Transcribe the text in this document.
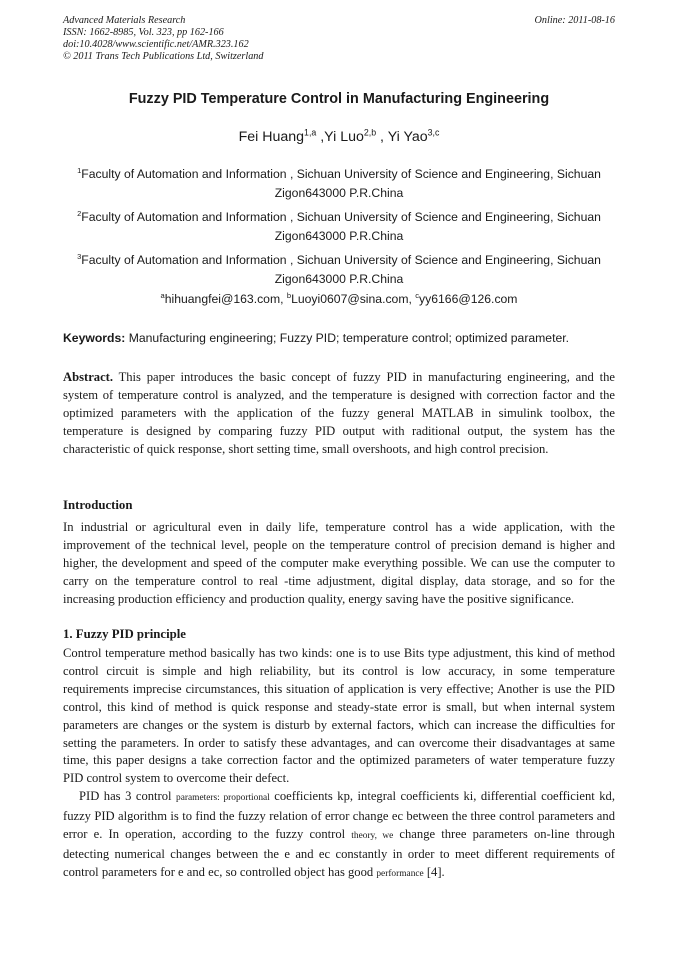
Advanced Materials Research
ISSN: 1662-8985, Vol. 323, pp 162-166
doi:10.4028/www.scientific.net/AMR.323.162
© 2011 Trans Tech Publications Ltd, Switzerland
Online: 2011-08-16
Fuzzy PID Temperature Control in Manufacturing Engineering
Fei Huang$^{1,a}$ ,Yi Luo$^{2,b}$ , Yi Yao$^{3,c}$
$^1$Faculty of Automation and Information , Sichuan University of Science and Engineering, Sichuan Zigon643000 P.R.China
$^2$Faculty of Automation and Information , Sichuan University of Science and Engineering, Sichuan Zigon643000 P.R.China
$^3$Faculty of Automation and Information , Sichuan University of Science and Engineering, Sichuan Zigon643000 P.R.China
$^a$hihuangfei@163.com, $^b$Luoyi0607@sina.com, $^c$yy6166@126.com
Keywords: Manufacturing engineering; Fuzzy PID; temperature control; optimized parameter.
Abstract. This paper introduces the basic concept of fuzzy PID in manufacturing engineering, and the system of temperature control is analyzed, and the temperature is designed with correction factor and the optimized parameters with the application of the fuzzy general MATLAB in simulink toolbox, the temperature is designed by comparing fuzzy PID output with raditional output, the system has the characteristic of quick response, short setting time, small overshoots, and high control precision.
Introduction
In industrial or agricultural even in daily life, temperature control has a wide application, with the improvement of the technical level, people on the temperature control of precision demand is higher and higher, the development and speed of the computer make everything possible. We can use the computer to carry on the temperature control to real -time adjustment, digital display, data storage, and so for the increasing production efficiency and production quality, energy saving have the positive significance.
1. Fuzzy PID principle
Control temperature method basically has two kinds: one is to use Bits type adjustment, this kind of method control circuit is simple and high reliability, but its control is low accuracy, in some temperature requirements imprecise circumstances, this situation of application is very effective; Another is use the PID control, this kind of method is quick response and steady-state error is small, but when internal system parameters are changes or the system is disturb by external factors, which can increase the difficulties for setting the parameters. In order to satisfy these advantages, and can overcome their disadvantages at same time, this paper designs a take correction factor and the optimized parameters of water temperature fuzzy PID control system to overcome their defect.
PID has 3 control parameters: proportional coefficients kp, integral coefficients ki, differential coefficient kd, fuzzy PID algorithm is to find the fuzzy relation of error change ec between the three control parameters and error e. In operation, according to the fuzzy control theory, we change three parameters on-line through detecting numerical changes between the e and ec constantly in order to meet different requirements of control parameters for e and ec, so controlled object has good performance [4].
